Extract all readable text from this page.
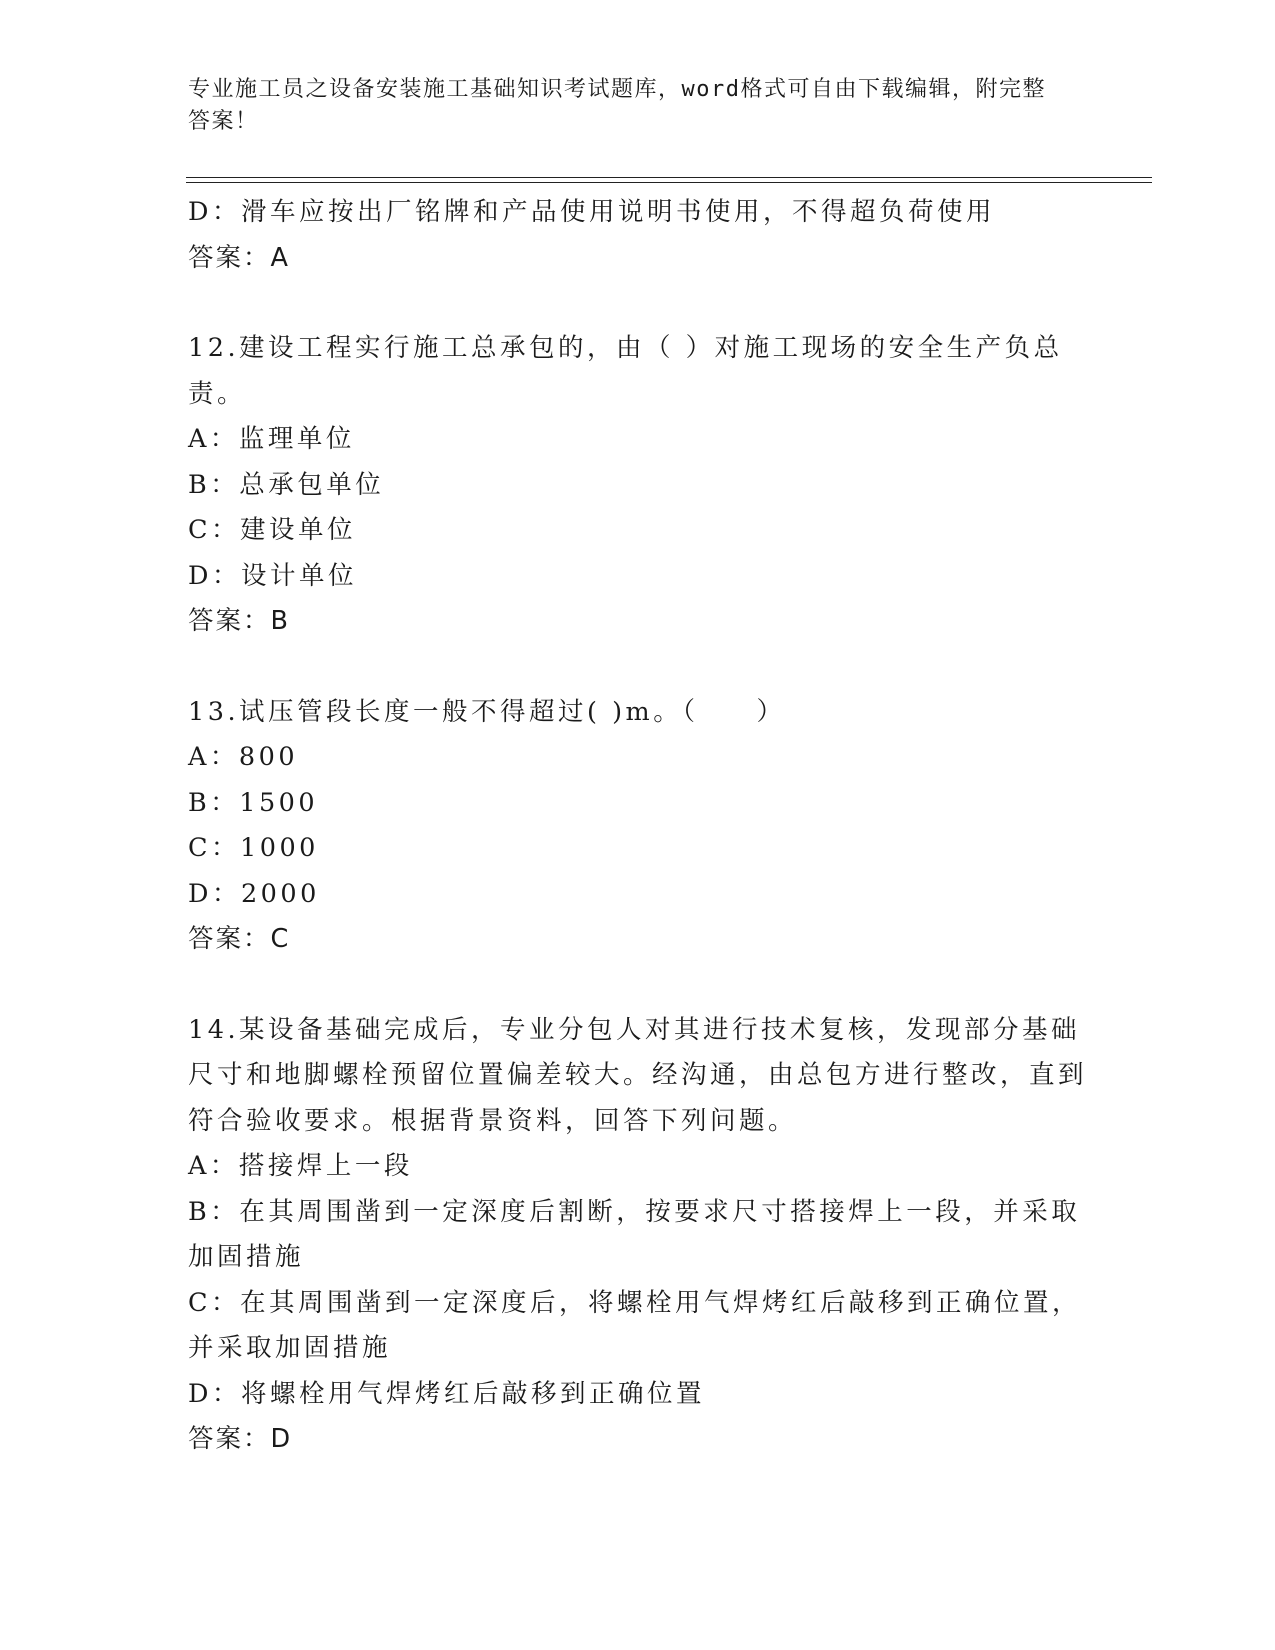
专业施工员之设备安装施工基础知识考试题库，word格式可自由下载编辑，附完整答案！

D：滑车应按出厂铭牌和产品使用说明书使用，不得超负荷使用

答案：A

12.建设工程实行施工总承包的，由（ ）对施工现场的安全生产负总责。

A：监理单位

B：总承包单位

C：建设单位

D：设计单位

答案：B

13.试压管段长度一般不得超过( )m。（　　）

A：800

B：1500

C：1000

D：2000

答案：C

14.某设备基础完成后，专业分包人对其进行技术复核，发现部分基础尺寸和地脚螺栓预留位置偏差较大。经沟通，由总包方进行整改，直到符合验收要求。根据背景资料，回答下列问题。

A：搭接焊上一段

B：在其周围凿到一定深度后割断，按要求尺寸搭接焊上一段，并采取加固措施

C：在其周围凿到一定深度后，将螺栓用气焊烤红后敲移到正确位置，并采取加固措施

D：将螺栓用气焊烤红后敲移到正确位置

答案：D
